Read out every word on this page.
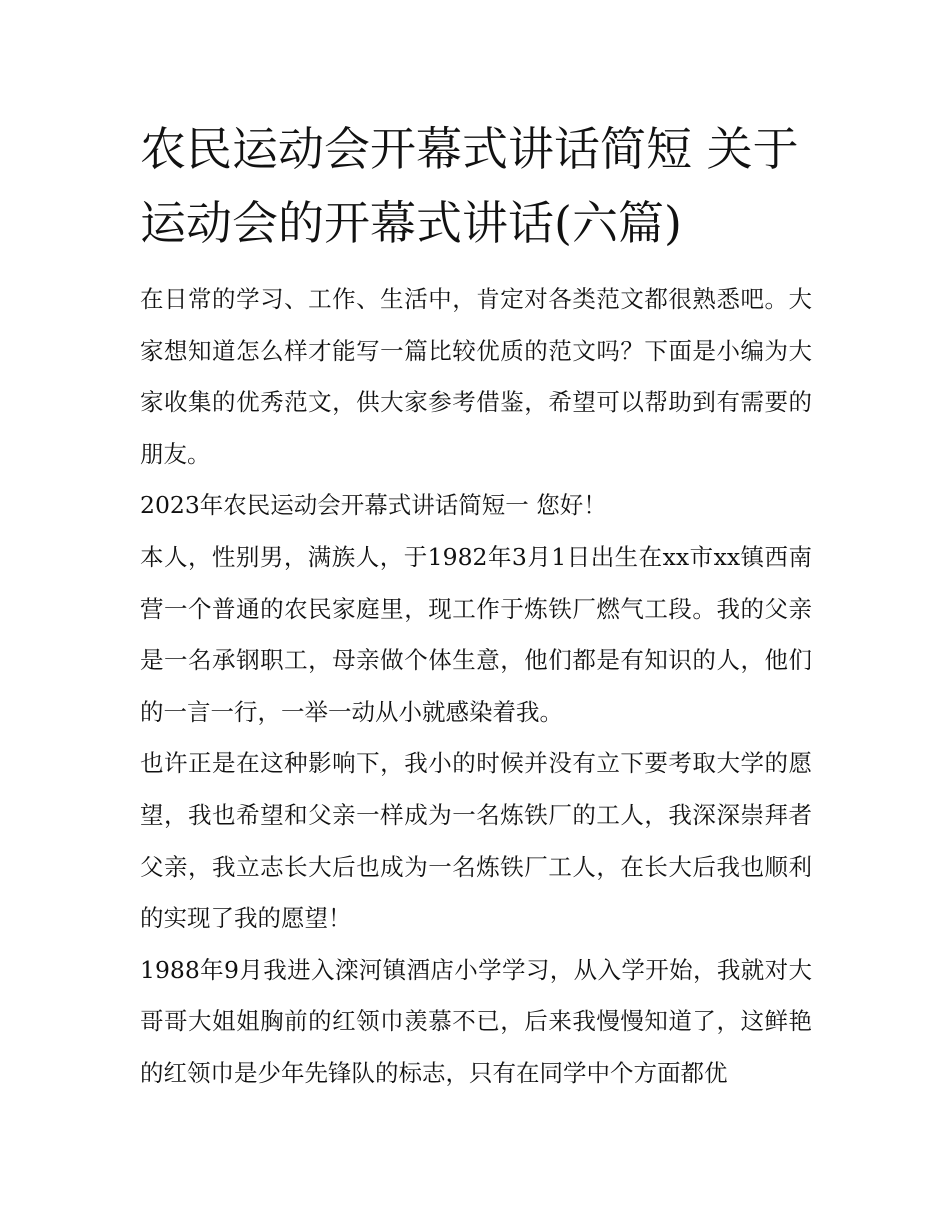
农民运动会开幕式讲话简短 关于运动会的开幕式讲话(六篇)

在日常的学习、工作、生活中，肯定对各类范文都很熟悉吧。大家想知道怎么样才能写一篇比较优质的范文吗？下面是小编为大家收集的优秀范文，供大家参考借鉴，希望可以帮助到有需要的朋友。

2023年农民运动会开幕式讲话简短一 您好！

本人，性别男，满族人，于1982年3月1日出生在xx市xx镇西南营一个普通的农民家庭里，现工作于炼铁厂燃气工段。我的父亲是一名承钢职工，母亲做个体生意，他们都是有知识的人，他们的一言一行，一举一动从小就感染着我。

也许正是在这种影响下，我小的时候并没有立下要考取大学的愿望，我也希望和父亲一样成为一名炼铁厂的工人，我深深崇拜者父亲，我立志长大后也成为一名炼铁厂工人，在长大后我也顺利的实现了我的愿望！

1988年9月我进入滦河镇酒店小学学习，从入学开始，我就对大哥哥大姐姐胸前的红领巾羡慕不已，后来我慢慢知道了，这鲜艳的红领巾是少年先锋队的标志，只有在同学中个方面都优
